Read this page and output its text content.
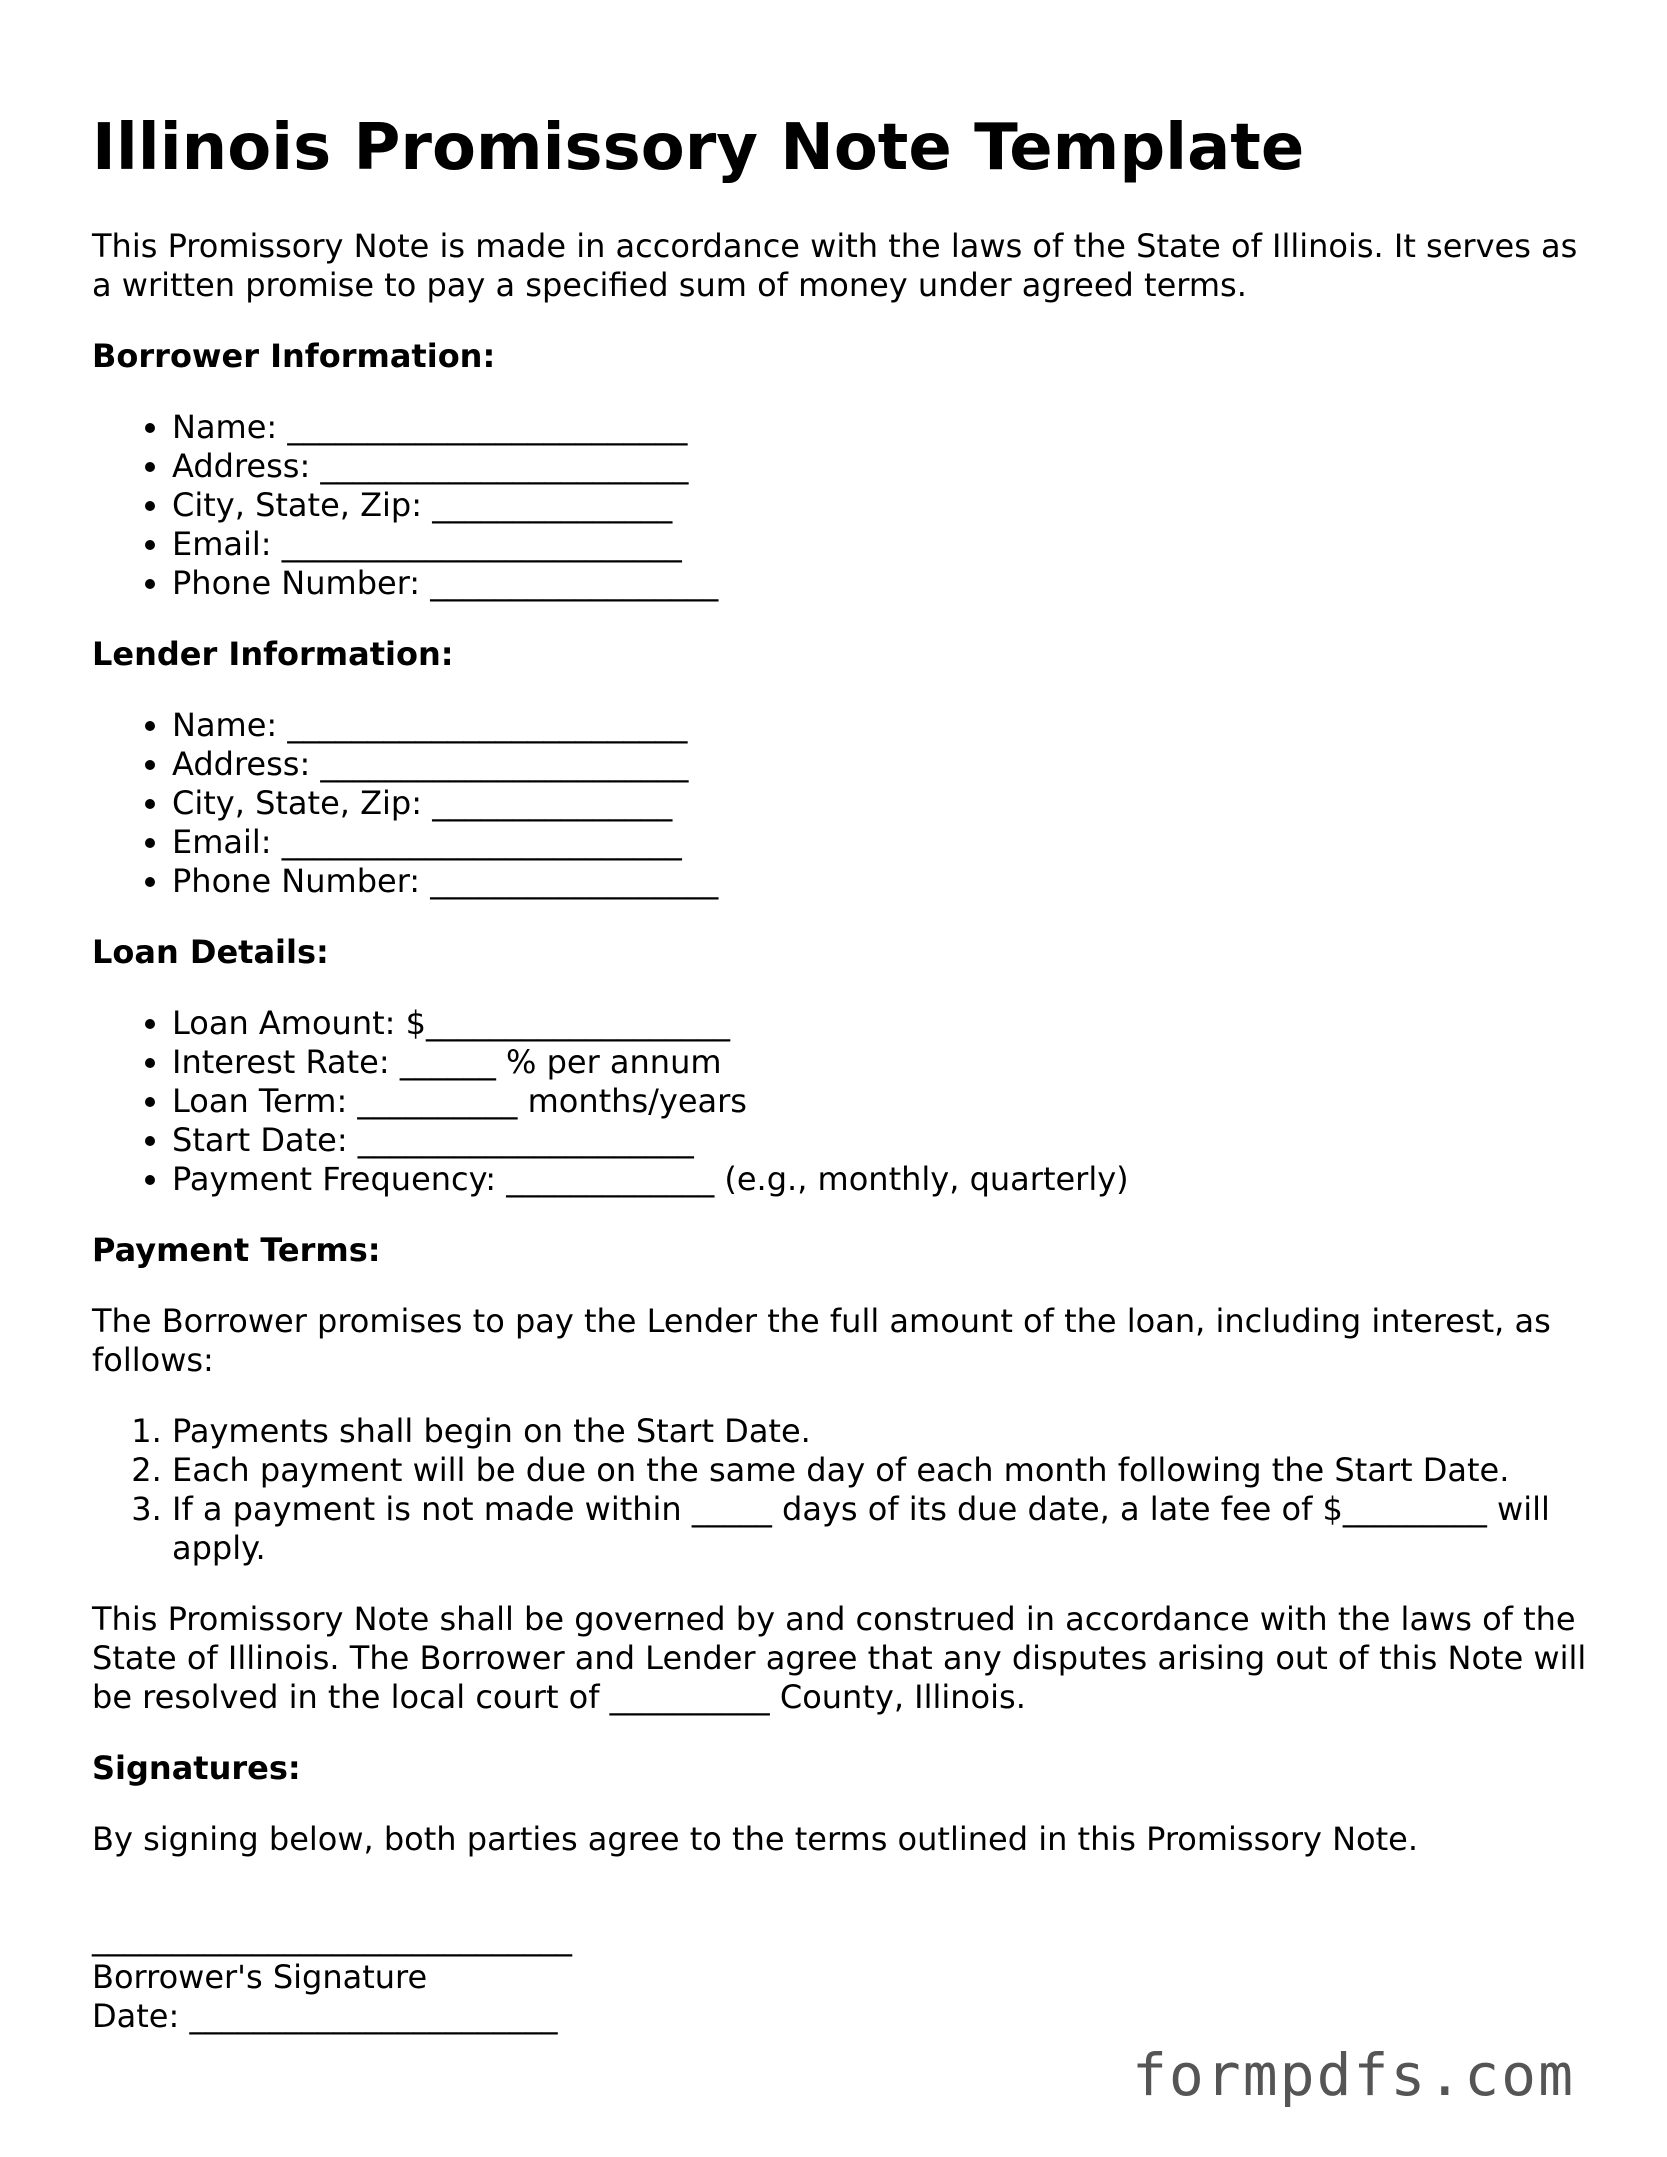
Illinois Promissory Note Template

This Promissory Note is made in accordance with the laws of the State of Illinois. It serves as a written promise to pay a specified sum of money under agreed terms.

Borrower Information:
• Name: _________________________
• Address: _______________________
• City, State, Zip: _______________
• Email: _________________________
• Phone Number: __________________
Lender Information:
• Name: _________________________
• Address: _______________________
• City, State, Zip: _______________
• Email: _________________________
• Phone Number: __________________
Loan Details:
• Loan Amount: $___________________
• Interest Rate: ______ % per annum
• Loan Term: __________ months/years
• Start Date: _____________________
• Payment Frequency: _____________ (e.g., monthly, quarterly)
Payment Terms:

The Borrower promises to pay the Lender the full amount of the loan, including interest, as follows:

1. Payments shall begin on the Start Date.
2. Each payment will be due on the same day of each month following the Start Date.
3. If a payment is not made within _____ days of its due date, a late fee of $_________ will apply.

This Promissory Note shall be governed by and construed in accordance with the laws of the State of Illinois. The Borrower and Lender agree that any disputes arising out of this Note will be resolved in the local court of __________ County, Illinois.

Signatures:

By signing below, both parties agree to the terms outlined in this Promissory Note.

______________________________
Borrower's Signature
Date: _______________________
formpdfs.com
